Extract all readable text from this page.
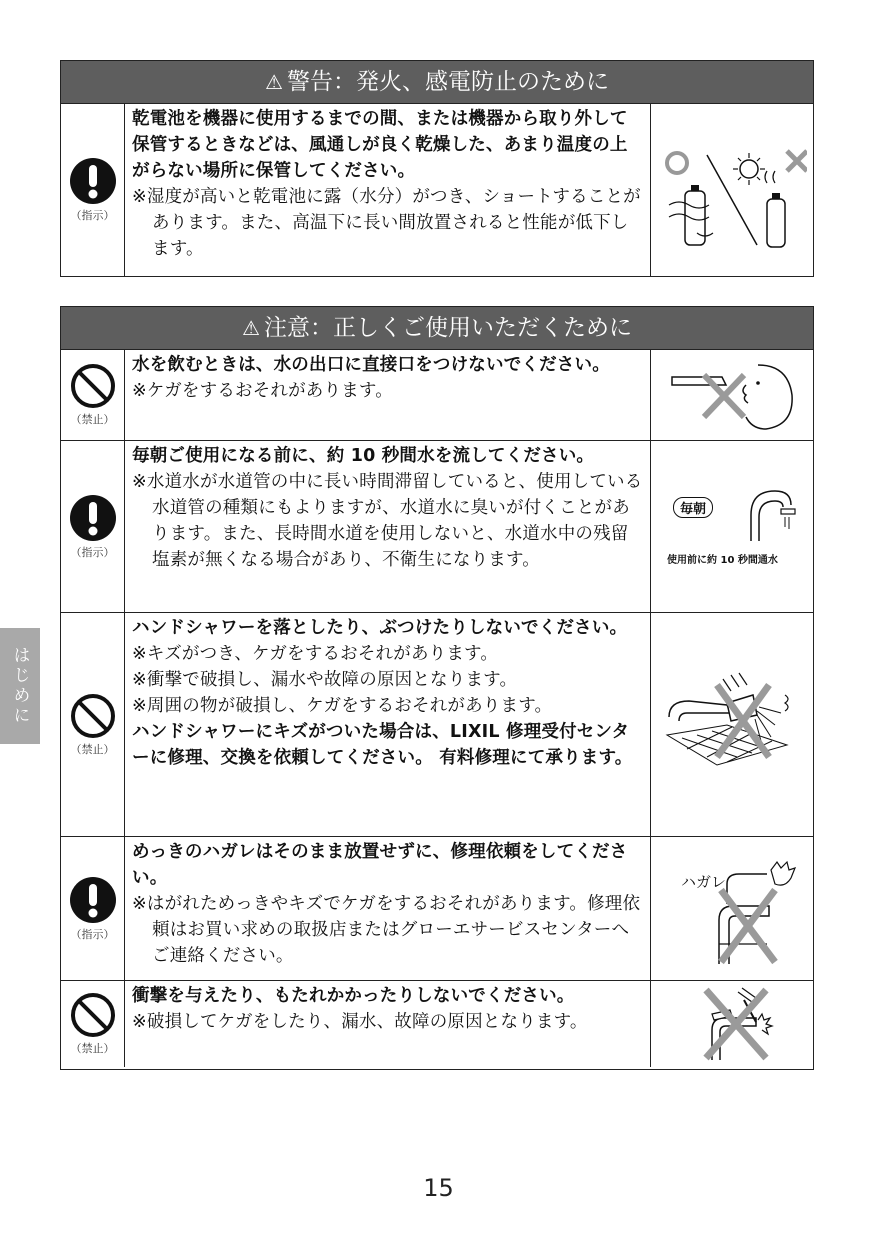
⚠ 警告：発火、感電防止のために
（指示）
乾電池を機器に使用するまでの間、または機器から取り外して保管するときなどは、風通しが良く乾燥した、あまり温度の上がらない場所に保管してください。
※湿度が高いと乾電池に露（水分）がつき、ショートすることがあります。また、高温下に長い間放置されると性能が低下します。
⚠ 注意：正しくご使用いただくために
（禁止）
水を飲むときは、水の出口に直接口をつけないでください。
※ケガをするおそれがあります。
（指示）
毎朝ご使用になる前に、約 10 秒間水を流してください。
※水道水が水道管の中に長い時間滞留していると、使用している水道管の種類にもよりますが、水道水に臭いが付くことがあります。また、長時間水道を使用しないと、水道水中の残留塩素が無くなる場合があり、不衛生になります。
毎朝
使用前に約 10 秒間通水
（禁止）
ハンドシャワーを落としたり、ぶつけたりしないでください。
※キズがつき、ケガをするおそれがあります。
※衝撃で破損し、漏水や故障の原因となります。
※周囲の物が破損し、ケガをするおそれがあります。
ハンドシャワーにキズがついた場合は、LIXIL 修理受付センターに修理、交換を依頼してください。 有料修理にて承ります。
（指示）
めっきのハガレはそのまま放置せずに、修理依頼をしてください。
※はがれためっきやキズでケガをするおそれがあります。修理依頼はお買い求めの取扱店またはグローエサービスセンターへご連絡ください。
ハガレ
（禁止）
衝撃を与えたり、もたれかかったりしないでください。
※破損してケガをしたり、漏水、故障の原因となります。
はじめに
15
